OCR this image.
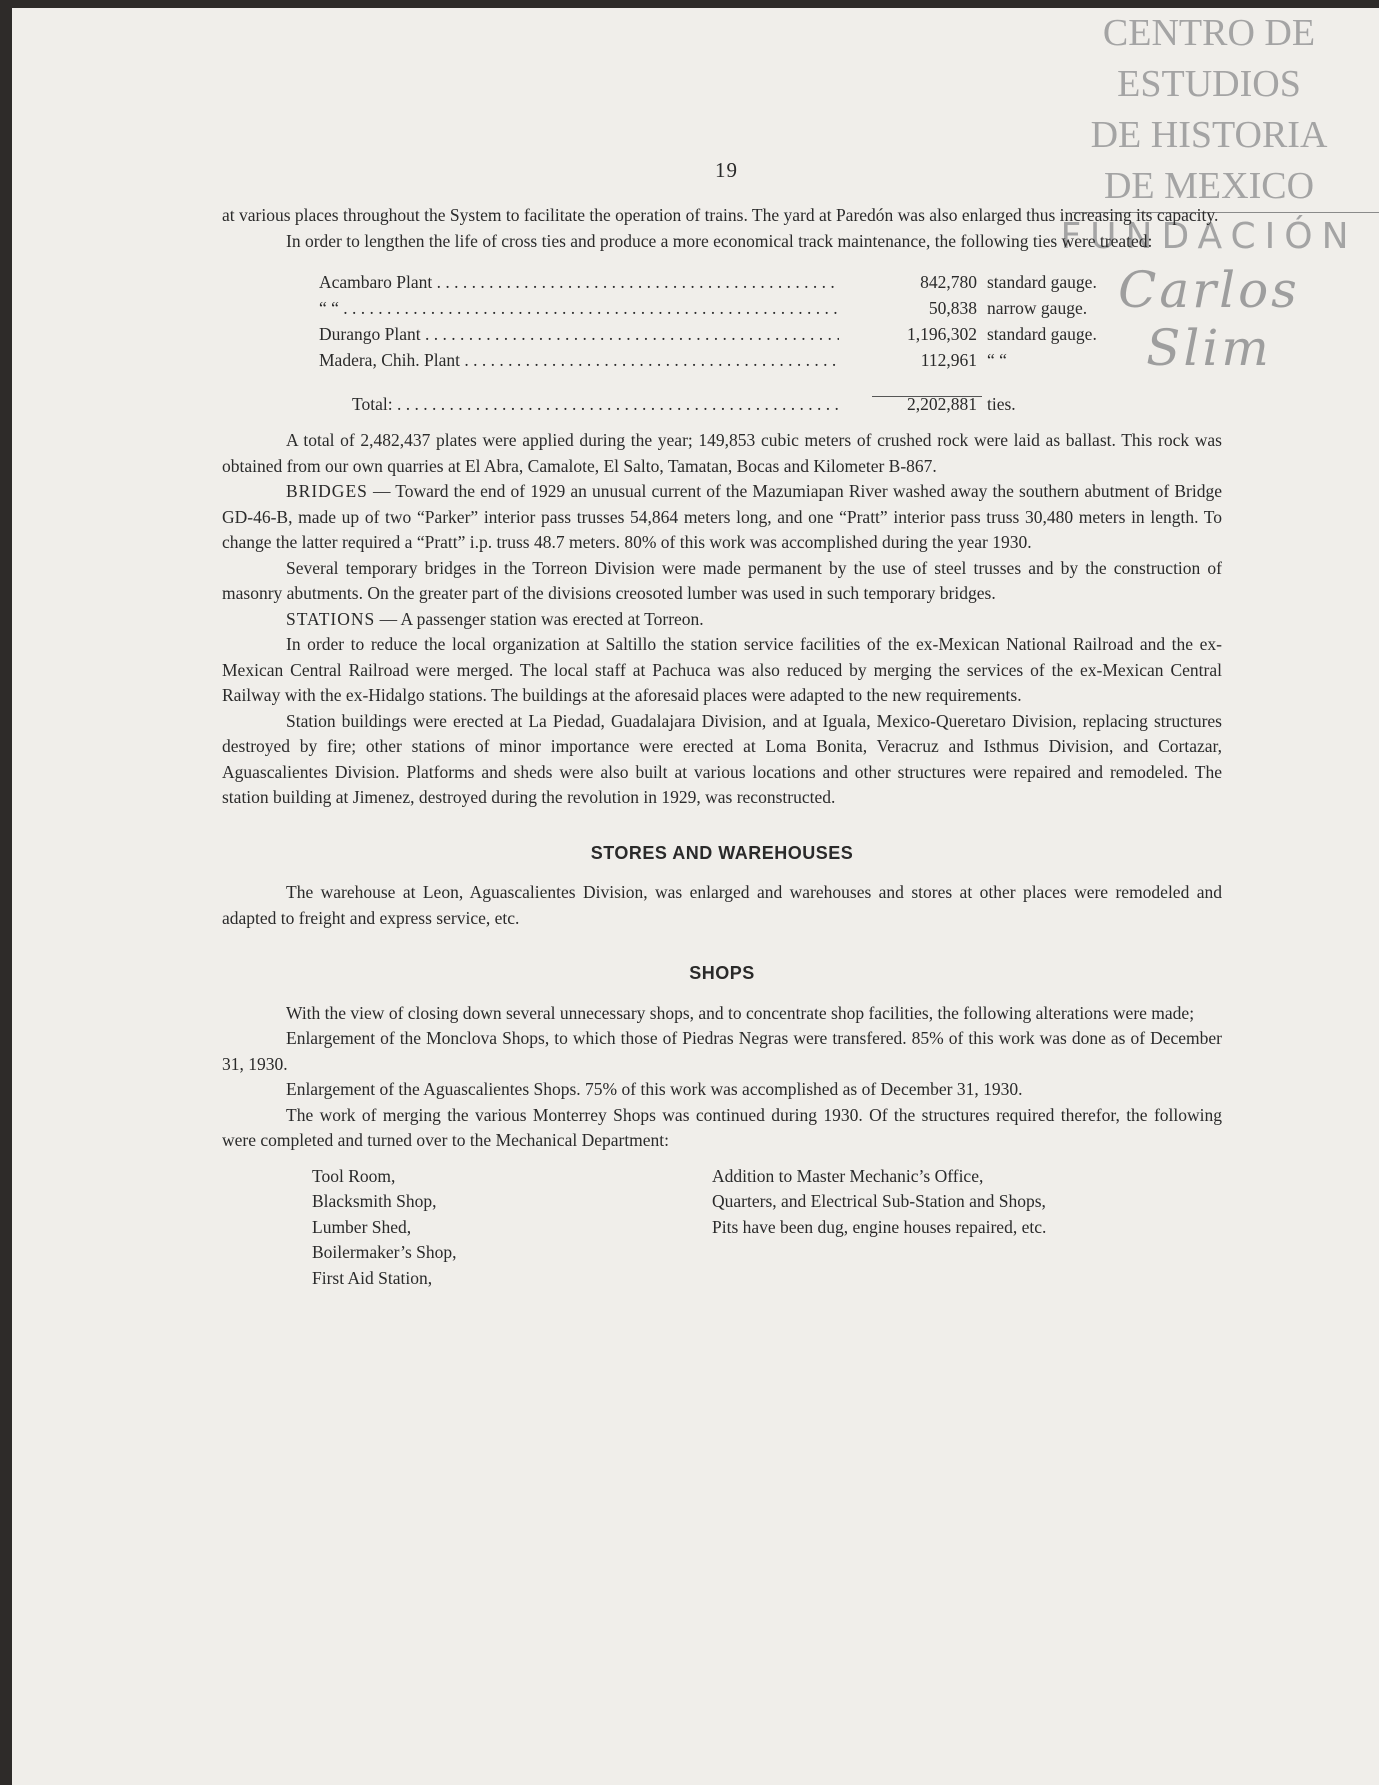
CENTRO DE
ESTUDIOS
DE HISTORIA
DE MEXICO
FUNDACIÓN
Carlos Slim
19

at various places throughout the System to facilitate the operation of trains. The yard at Paredón was also enlarged thus increasing its capacity.

In order to lengthen the life of cross ties and produce a more economical track maintenance, the following ties were treated:

Acambaro Plant . . .	842,780 standard gauge.
“ “ . . .	50,838 narrow gauge.
Durango Plant . . .	1,196,302 standard gauge.
Madera, Chih. Plant . . .	112,961 “ “
Total: . . .	2,202,881 ties.

A total of 2,482,437 plates were applied during the year; 149,853 cubic meters of crushed rock were laid as ballast. This rock was obtained from our own quarries at El Abra, Camalote, El Salto, Tamatan, Bocas and Kilometer B-867.

BRIDGES — Toward the end of 1929 an unusual current of the Mazumiapan River washed away the southern abutment of Bridge GD-46-B, made up of two “Parker” interior pass trusses 54,864 meters long, and one “Pratt” interior pass truss 30,480 meters in length. To change the latter required a “Pratt” i.p. truss 48.7 meters. 80% of this work was accomplished during the year 1930.

Several temporary bridges in the Torreon Division were made permanent by the use of steel trusses and by the construction of masonry abutments. On the greater part of the divisions creosoted lumber was used in such temporary bridges.

STATIONS — A passenger station was erected at Torreon.

In order to reduce the local organization at Saltillo the station service facilities of the ex-Mexican National Railroad and the ex-Mexican Central Railroad were merged. The local staff at Pachuca was also reduced by merging the services of the ex-Mexican Central Railway with the ex-Hidalgo stations. The buildings at the aforesaid places were adapted to the new requirements.

Station buildings were erected at La Piedad, Guadalajara Division, and at Iguala, Mexico-Queretaro Division, replacing structures destroyed by fire; other stations of minor importance were erected at Loma Bonita, Veracruz and Isthmus Division, and Cortazar, Aguascalientes Division. Platforms and sheds were also built at various locations and other structures were repaired and remodeled. The station building at Jimenez, destroyed during the revolution in 1929, was reconstructed.

STORES AND WAREHOUSES

The warehouse at Leon, Aguascalientes Division, was enlarged and warehouses and stores at other places were remodeled and adapted to freight and express service, etc.

SHOPS

With the view of closing down several unnecessary shops, and to concentrate shop facilities, the following alterations were made;

Enlargement of the Monclova Shops, to which those of Piedras Negras were transfered. 85% of this work was done as of December 31, 1930.

Enlargement of the Aguascalientes Shops. 75% of this work was accomplished as of December 31, 1930.

The work of merging the various Monterrey Shops was continued during 1930. Of the structures required therefor, the following were completed and turned over to the Mechanical Department:

Tool Room,
Blacksmith Shop,
Lumber Shed,
Boilermaker’s Shop,
First Aid Station,
Addition to Master Mechanic’s Office,
Quarters, and Electrical Sub-Station and Shops,
Pits have been dug, engine houses repaired, etc.
